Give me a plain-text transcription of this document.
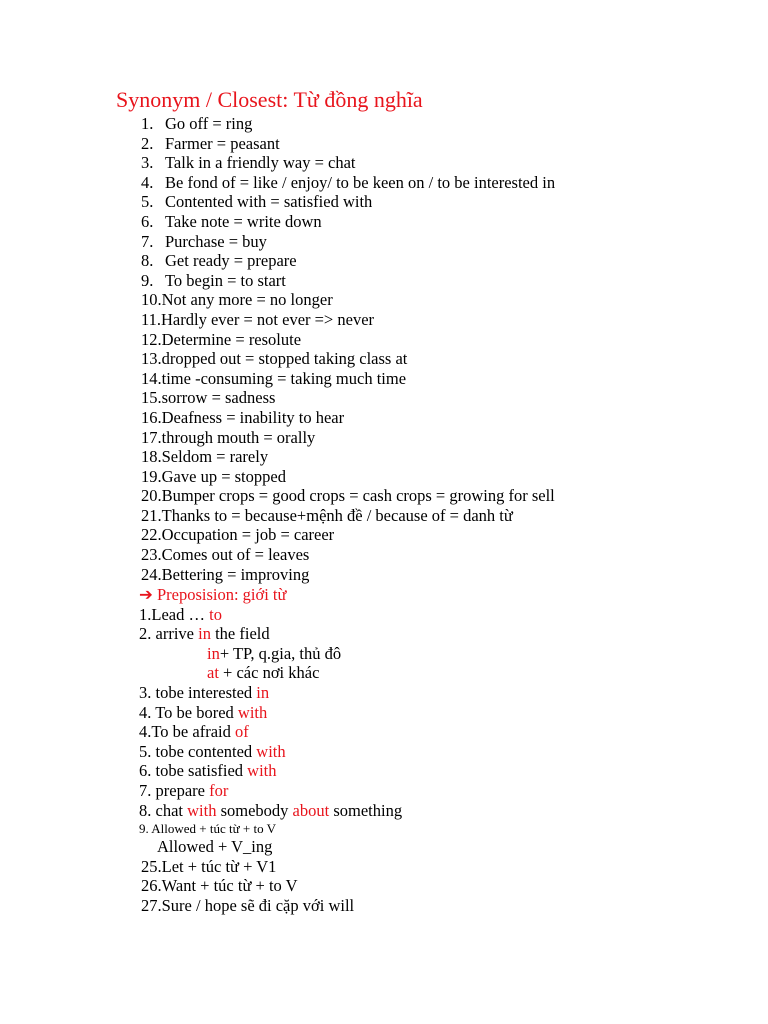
Synonym / Closest: Từ đồng nghĩa
1. Go off = ring
2. Farmer = peasant
3. Talk in a friendly way = chat
4. Be fond of = like / enjoy/ to be keen on / to be interested in
5. Contented with = satisfied with
6. Take note = write down
7. Purchase = buy
8. Get ready = prepare
9. To begin = to start
10. Not any more = no longer
11. Hardly ever = not ever => never
12. Determine = resolute
13. dropped out = stopped taking class at
14. time -consuming = taking much time
15. sorrow = sadness
16. Deafness = inability to hear
17. through mouth = orally
18. Seldom = rarely
19. Gave up = stopped
20. Bumper crops = good crops = cash crops = growing for sell
21. Thanks to = because+mệnh đề / because of = danh từ
22. Occupation = job = career
23. Comes out of = leaves
24. Bettering = improving
➔ Preposision: giới từ
1.Lead … to
2. arrive in the field
in+ TP, q.gia, thủ đô
at + các nơi khác
3. tobe interested in
4. To be bored with
4.To be afraid of
5. tobe contented with
6. tobe satisfied with
7. prepare for
8. chat with somebody about something
9. Allowed + túc từ + to V
Allowed + V_ing
25.Let + túc từ + V1
26.Want + túc từ + to V
27.Sure / hope sẽ đi cặp với will
